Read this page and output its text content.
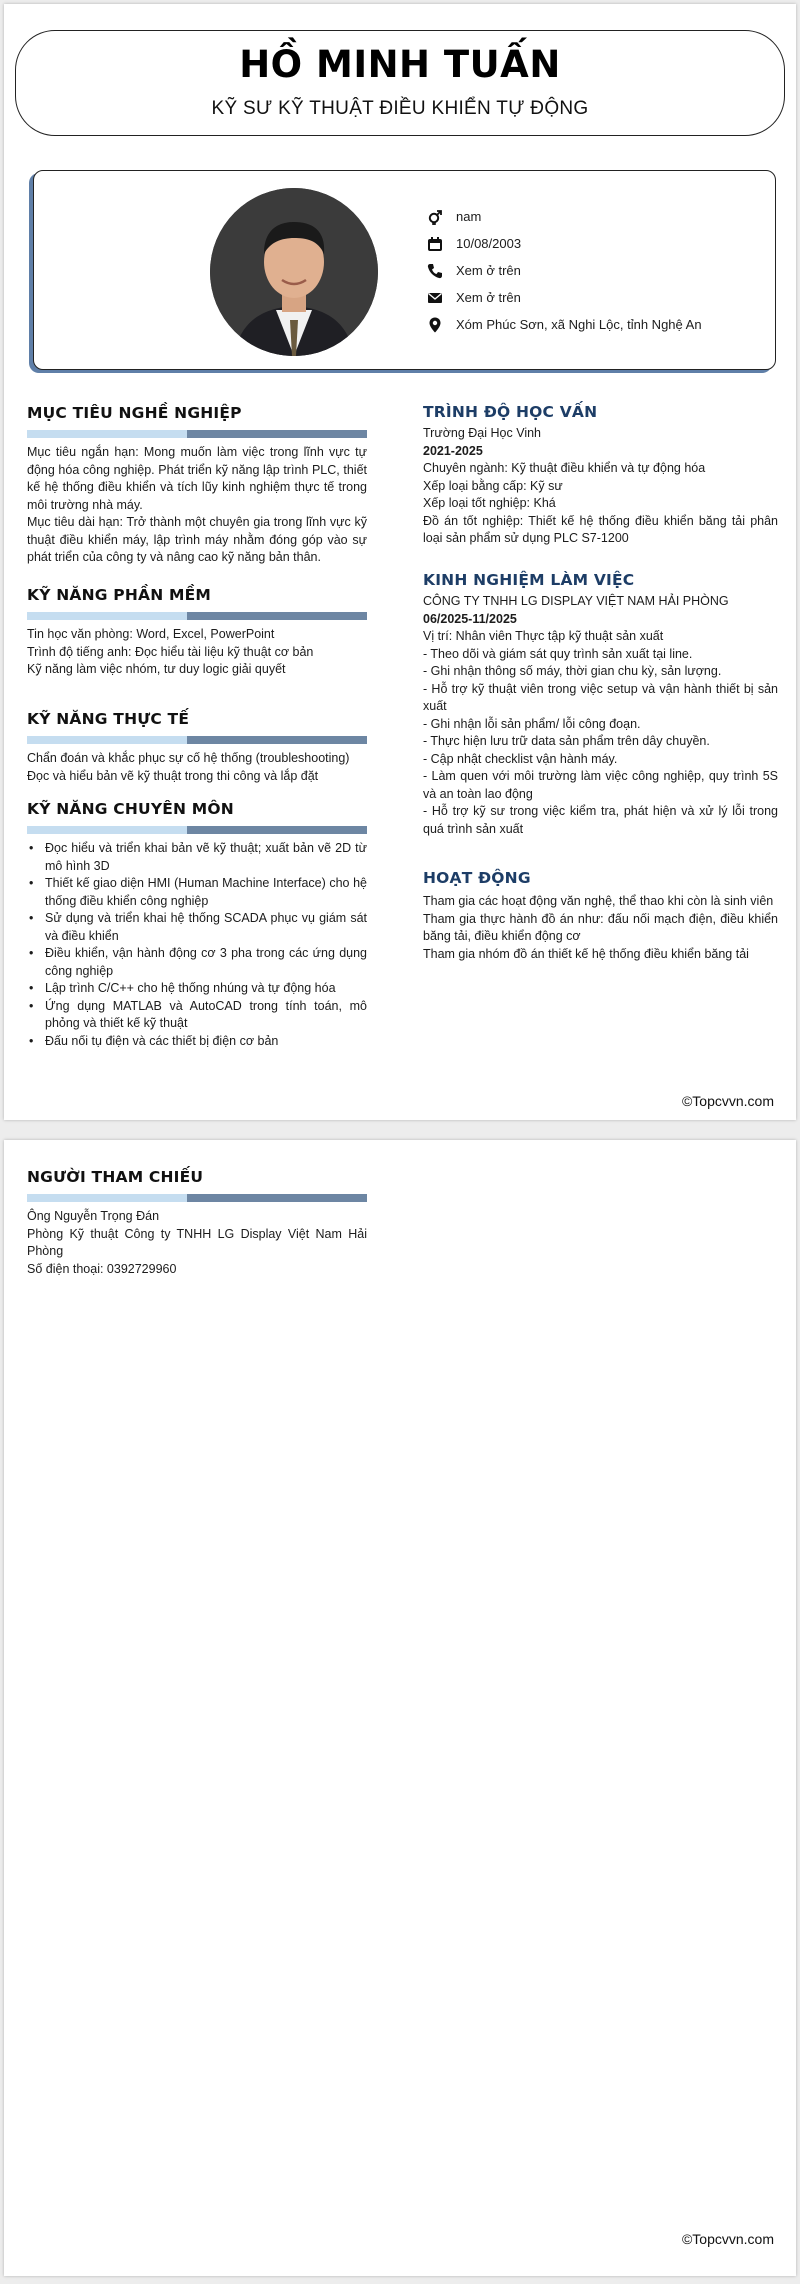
HỒ MINH TUẤN
KỸ SƯ KỸ THUẬT ĐIỀU KHIỂN TỰ ĐỘNG
nam
10/08/2003
Xem ở trên
Xem ở trên
Xóm Phúc Sơn, xã Nghi Lộc, tỉnh Nghệ An
MỤC TIÊU NGHỀ NGHIỆP
Mục tiêu ngắn hạn: Mong muốn làm việc trong lĩnh vực tự động hóa công nghiệp. Phát triển kỹ năng lập trình PLC, thiết kế hệ thống điều khiển và tích lũy kinh nghiệm thực tế trong môi trường nhà máy.
Mục tiêu dài hạn: Trở thành một chuyên gia trong lĩnh vực kỹ thuật điều khiển máy, lập trình máy nhằm đóng góp vào sự phát triển của công ty và nâng cao kỹ năng bản thân.
KỸ NĂNG PHẦN MỀM
Tin học văn phòng: Word, Excel, PowerPoint
Trình độ tiếng anh: Đọc hiểu tài liệu kỹ thuật cơ bản
Kỹ năng làm việc nhóm, tư duy logic giải quyết
KỸ NĂNG THỰC TẾ
Chẩn đoán và khắc phục sự cố hệ thống (troubleshooting)
Đọc và hiểu bản vẽ kỹ thuật trong thi công và lắp đặt
KỸ NĂNG CHUYÊN MÔN
• Đọc hiểu và triển khai bản vẽ kỹ thuật; xuất bản vẽ 2D từ mô hình 3D
• Thiết kế giao diện HMI (Human Machine Interface) cho hệ thống điều khiển công nghiệp
• Sử dụng và triển khai hệ thống SCADA phục vụ giám sát và điều khiển
• Điều khiển, vận hành động cơ 3 pha trong các ứng dụng công nghiệp
• Lập trình C/C++ cho hệ thống nhúng và tự động hóa
• Ứng dụng MATLAB và AutoCAD trong tính toán, mô phỏng và thiết kế kỹ thuật
• Đấu nối tụ điện và các thiết bị điện cơ bản
TRÌNH ĐỘ HỌC VẤN
Trường Đại Học Vinh
2021-2025
Chuyên ngành: Kỹ thuật điều khiển và tự động hóa
Xếp loại bằng cấp: Kỹ sư
Xếp loại tốt nghiệp: Khá
Đồ án tốt nghiệp: Thiết kế hệ thống điều khiển băng tải phân loại sản phẩm sử dụng PLC S7-1200
KINH NGHIỆM LÀM VIỆC
CÔNG TY TNHH LG DISPLAY VIỆT NAM HẢI PHÒNG
06/2025-11/2025
Vị trí: Nhân viên Thực tập kỹ thuật sản xuất
- Theo dõi và giám sát quy trình sản xuất tại line.
- Ghi nhận thông số máy, thời gian chu kỳ, sản lượng.
- Hỗ trợ kỹ thuật viên trong việc setup và vận hành thiết bị sản xuất
- Ghi nhận lỗi sản phẩm/ lỗi công đoạn.
- Thực hiện lưu trữ data sản phẩm trên dây chuyền.
- Cập nhật checklist vận hành máy.
- Làm quen với môi trường làm việc công nghiệp, quy trình 5S và an toàn lao động
- Hỗ trợ kỹ sư trong việc kiểm tra, phát hiện và xử lý lỗi trong quá trình sản xuất
HOẠT ĐỘNG
Tham gia các hoạt động văn nghệ, thể thao khi còn là sinh viên
Tham gia thực hành đồ án như: đấu nối mạch điện, điều khiển băng tải, điều khiển động cơ
Tham gia nhóm đồ án thiết kế hệ thống điều khiển băng tải
©Topcvvn.com
NGƯỜI THAM CHIẾU
Ông Nguyễn Trọng Đán
Phòng Kỹ thuật Công ty TNHH LG Display Việt Nam Hải Phòng
Số điện thoại: 0392729960
©Topcvvn.com
